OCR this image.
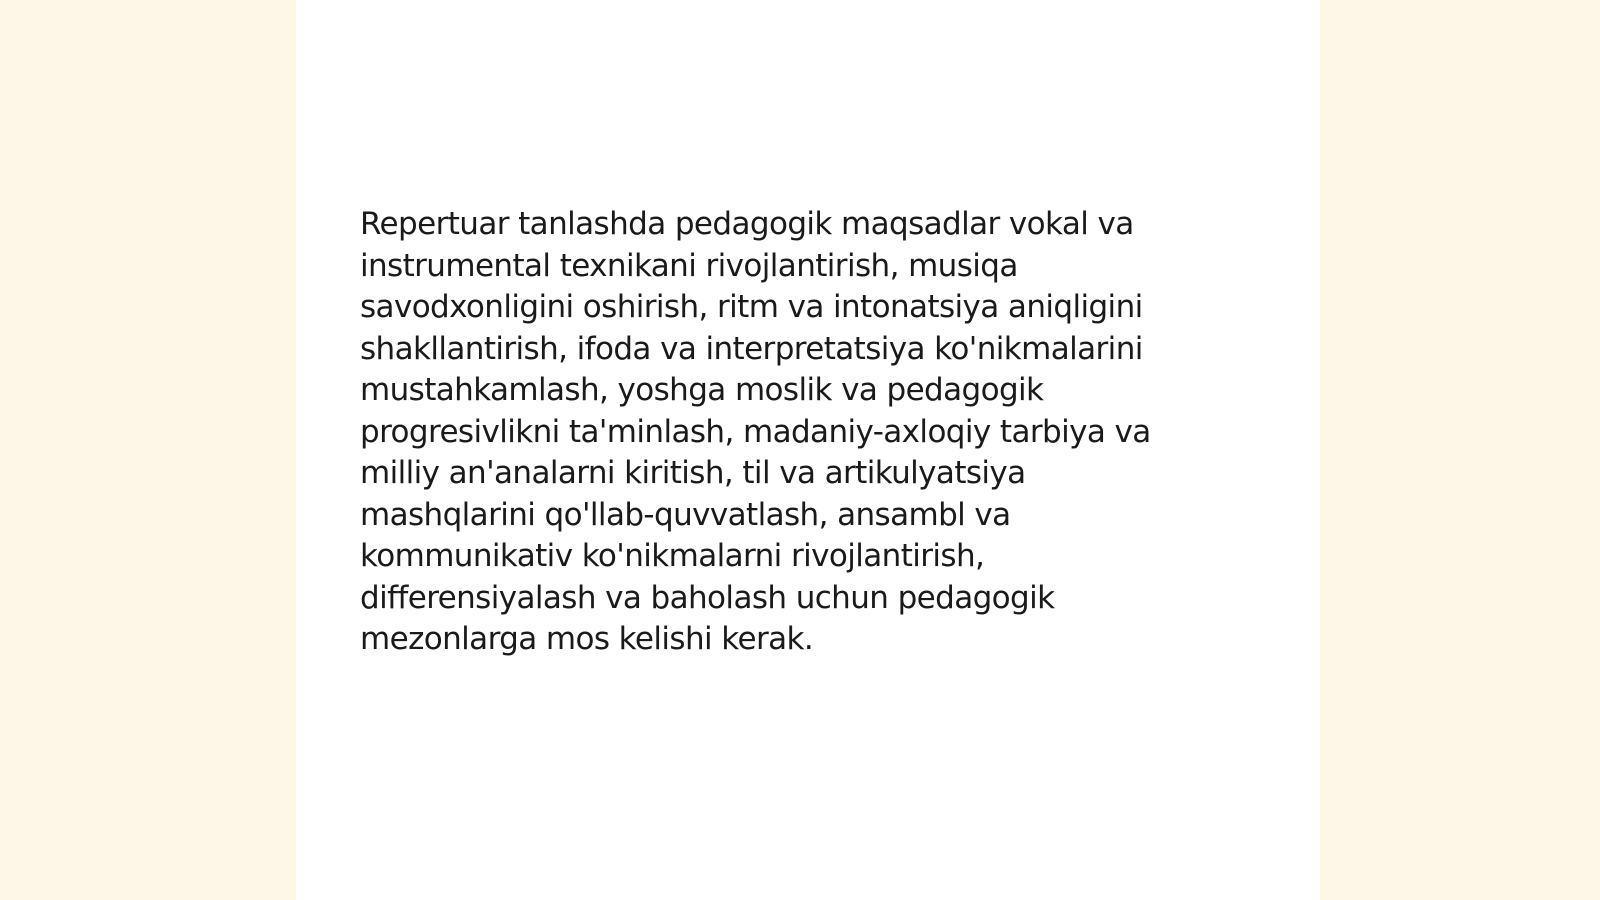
Repertuar tanlashda pedagogik maqsadlar vokal va
instrumental texnikani rivojlantirish, musiqa
savodxonligini oshirish, ritm va intonatsiya aniqligini
shakllantirish, ifoda va interpretatsiya ko'nikmalarini
mustahkamlash, yoshga moslik va pedagogik
progresivlikni ta'minlash, madaniy-axloqiy tarbiya va
milliy an'analarni kiritish, til va artikulyatsiya
mashqlarini qo'llab-quvvatlash, ansambl va
kommunikativ ko'nikmalarni rivojlantirish,
differensiyalash va baholash uchun pedagogik
mezonlarga mos kelishi kerak.
